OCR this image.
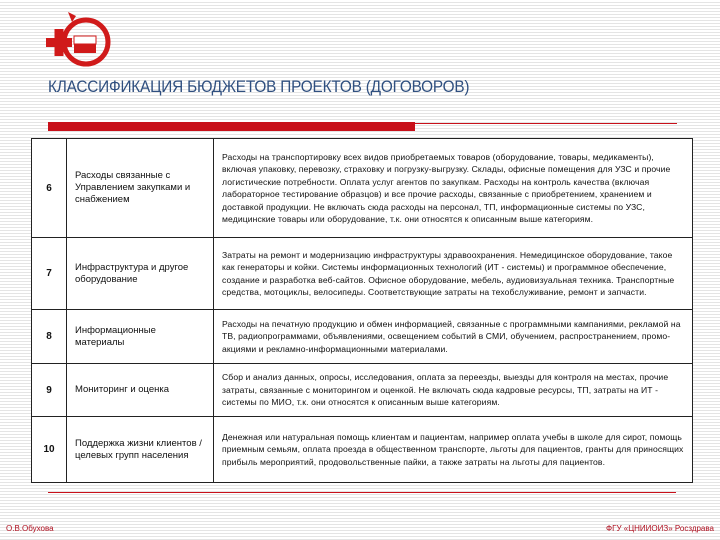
КЛАССИФИКАЦИЯ БЮДЖЕТОВ ПРОЕКТОВ (ДОГОВОРОВ)
6	Расходы связанные с Управлением закупками и снабжением	Расходы на транспортировку всех видов приобретаемых товаров (оборудование, товары, медикаменты), включая упаковку, перевозку, страховку и погрузку-выгрузку. Склады, офисные помещения для УЗС и прочие логистические потребности. Оплата услуг агентов по закупкам. Расходы на контроль качества (включая лабораторное тестирование образцов) и все прочие расходы, связанные с приобретением, хранением и доставкой продукции. Не включать сюда расходы на персонал, ТП, информационные системы по УЗС, медицинские товары или оборудование, т.к. они относятся к описанным выше категориям.
7	Инфраструктура и другое оборудование	Затраты на ремонт и модернизацию инфраструктуры здравоохранения. Немедицинское оборудование, такое как генераторы и койки. Системы информационных технологий (ИТ - системы) и программное обеспечение, создание и разработка веб-сайтов. Офисное оборудование, мебель, аудиовизуальная техника. Транспортные средства, мотоциклы, велосипеды. Соответствующие затраты на техобслуживание, ремонт и запчасти.
8	Информационные материалы	Расходы на печатную продукцию и обмен информацией, связанные с программными кампаниями, рекламой на ТВ, радиопрограммами, объявлениями, освещением событий в СМИ, обучением, распространением, промо-акциями и рекламно-информационными материалами.
9	Мониторинг и оценка	Сбор и анализ данных, опросы, исследования, оплата за переезды, выезды для контроля на местах, прочие затраты, связанные с мониторингом и оценкой. Не включать сюда кадровые ресурсы, ТП, затраты на ИТ - системы по МИО, т.к. они относятся к описанным выше категориям.
10	Поддержка жизни клиентов / целевых групп населения	Денежная или натуральная помощь клиентам и пациентам, например оплата учебы в школе для сирот, помощь приемным семьям, оплата проезда в общественном транспорте, льготы для пациентов, гранты для приносящих прибыль мероприятий, продовольственные пайки, а также затраты на льготы для пациентов.
О.В.Обухова	ФГУ «ЦНИИОИЗ» Росздрава
